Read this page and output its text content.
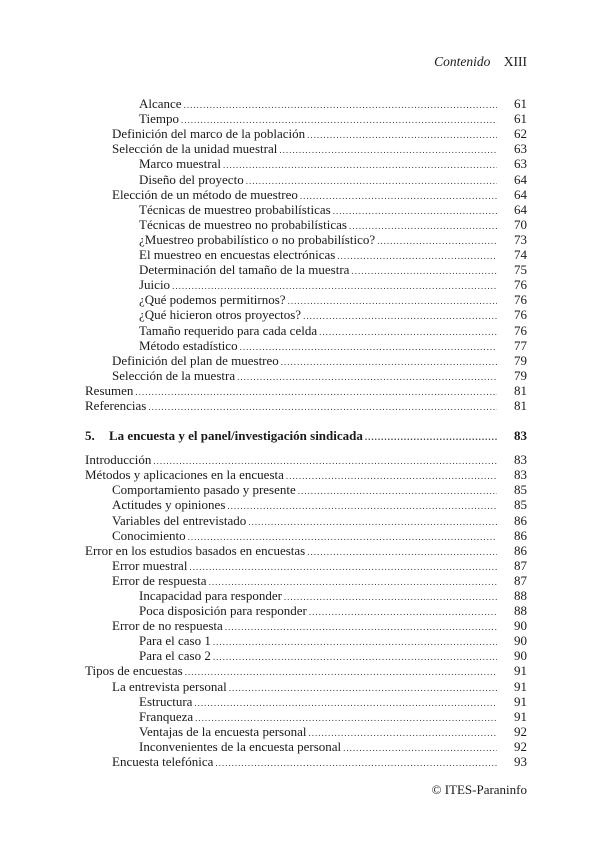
Contenido XIII
Alcance .....	61
Tiempo .....	61
Definición del marco de la población .....	62
Selección de la unidad muestral .....	63
Marco muestral .....	63
Diseño del proyecto .....	64
Elección de un método de muestreo .....	64
Técnicas de muestreo probabilísticas .....	64
Técnicas de muestreo no probabilísticas .....	70
¿Muestreo probabilístico o no probabilístico? .....	73
El muestreo en encuestas electrónicas .....	74
Determinación del tamaño de la muestra .....	75
Juicio .....	76
¿Qué podemos permitirnos? .....	76
¿Qué hicieron otros proyectos? .....	76
Tamaño requerido para cada celda .....	76
Método estadístico .....	77
Definición del plan de muestreo .....	79
Selección de la muestra .....	79
Resumen .....	81
Referencias .....	81
5. La encuesta y el panel/investigación sindicada .....	83
Introducción .....	83
Métodos y aplicaciones en la encuesta .....	83
Comportamiento pasado y presente .....	85
Actitudes y opiniones .....	85
Variables del entrevistado .....	86
Conocimiento .....	86
Error en los estudios basados en encuestas .....	86
Error muestral .....	87
Error de respuesta .....	87
Incapacidad para responder .....	88
Poca disposición para responder .....	88
Error de no respuesta .....	90
Para el caso 1 .....	90
Para el caso 2 .....	90
Tipos de encuestas .....	91
La entrevista personal .....	91
Estructura .....	91
Franqueza .....	91
Ventajas de la encuesta personal .....	92
Inconvenientes de la encuesta personal .....	92
Encuesta telefónica .....	93
© ITES-Paraninfo
